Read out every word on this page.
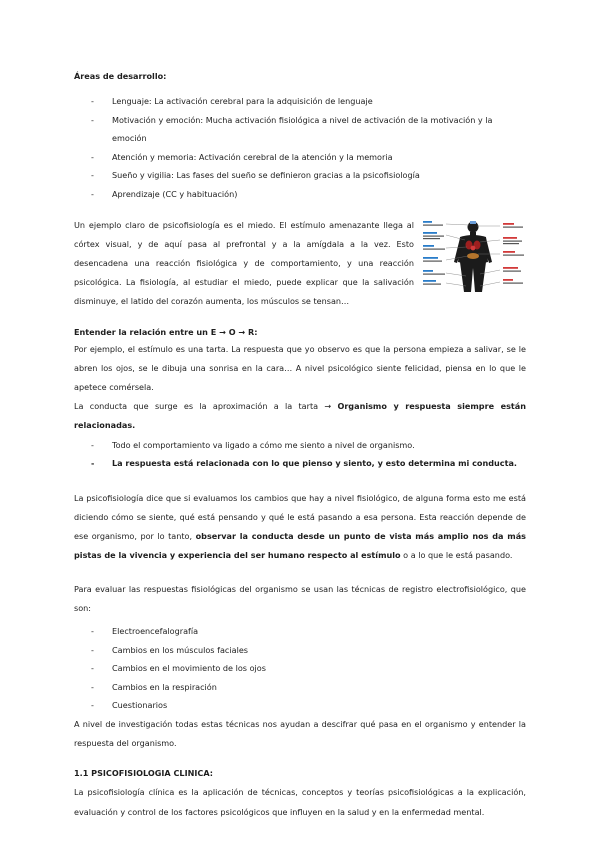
Áreas de desarrollo:

- Lenguaje: La activación cerebral para la adquisición de lenguaje
- Motivación y emoción: Mucha activación fisiológica a nivel de activación de la motivación y la emoción
- Atención y memoria: Activación cerebral de la atención y la memoria
- Sueño y vigilia: Las fases del sueño se definieron gracias a la psicofisiología
- Aprendizaje (CC y habituación)
Un ejemplo claro de psicofisiología es el miedo. El estímulo amenazante llega al córtex visual, y de aquí pasa al prefrontal y a la amígdala a la vez. Esto desencadena una reacción fisiológica y de comportamiento, y una reacción psicológica. La fisiología, al estudiar el miedo, puede explicar que la salivación disminuye, el latido del corazón aumenta, los músculos se tensan…

Entender la relación entre un E → O → R:

Por ejemplo, el estímulo es una tarta. La respuesta que yo observo es que la persona empieza a salivar, se le abren los ojos, se le dibuja una sonrisa en la cara… A nivel psicológico siente felicidad, piensa en lo que le apetece comérsela.

La conducta que surge es la aproximación a la tarta → Organismo y respuesta siempre están relacionadas.

- Todo el comportamiento va ligado a cómo me siento a nivel de organismo.
- La respuesta está relacionada con lo que pienso y siento, y esto determina mi conducta.

La psicofisiología dice que si evaluamos los cambios que hay a nivel fisiológico, de alguna forma esto me está diciendo cómo se siente, qué está pensando y qué le está pasando a esa persona. Esta reacción depende de ese organismo, por lo tanto, observar la conducta desde un punto de vista más amplio nos da más pistas de la vivencia y experiencia del ser humano respecto al estímulo o a lo que le está pasando.

Para evaluar las respuestas fisiológicas del organismo se usan las técnicas de registro electrofisiológico, que son:

- Electroencefalografía
- Cambios en los músculos faciales
- Cambios en el movimiento de los ojos
- Cambios en la respiración
- Cuestionarios

A nivel de investigación todas estas técnicas nos ayudan a descifrar qué pasa en el organismo y entender la respuesta del organismo.

1.1 PSICOFISIOLOGIA CLINICA:

La psicofisiología clínica es la aplicación de técnicas, conceptos y teorías psicofisiológicas a la explicación, evaluación y control de los factores psicológicos que influyen en la salud y en la enfermedad mental.
